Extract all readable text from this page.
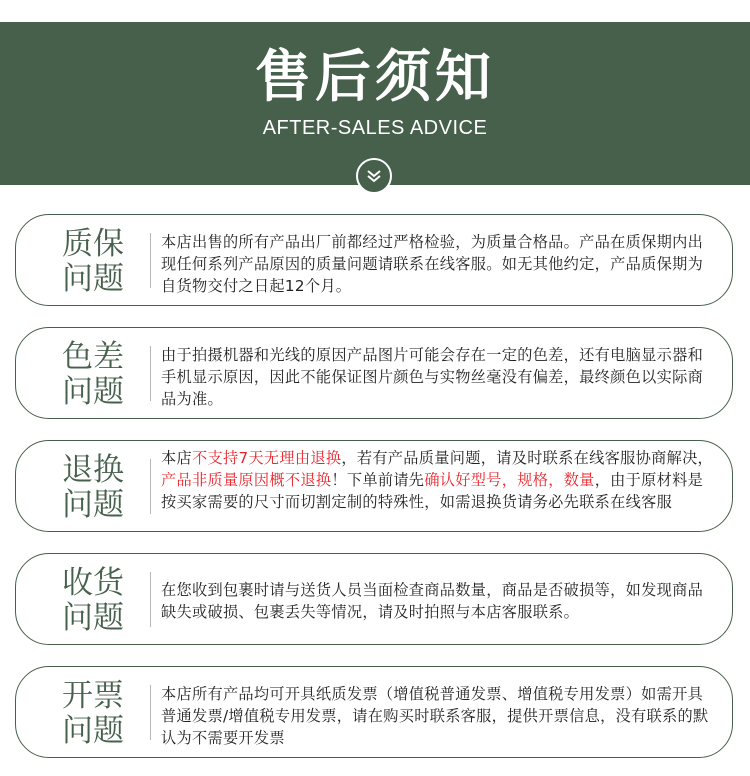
售后须知
AFTER-SALES ADVICE
质保
问题
本店出售的所有产品出厂前都经过严格检验，为质量合格品。产品在质保期内出现任何系列产品原因的质量问题请联系在线客服。如无其他约定，产品质保期为自货物交付之日起12个月。
色差
问题
由于拍摄机器和光线的原因产品图片可能会存在一定的色差，还有电脑显示器和手机显示原因，因此不能保证图片颜色与实物丝毫没有偏差，最终颜色以实际商品为准。
退换
问题
本店不支持7天无理由退换，若有产品质量问题，请及时联系在线客服协商解决，产品非质量原因概不退换！下单前请先确认好型号，规格，数量，由于原材料是按买家需要的尺寸而切割定制的特殊性，如需退换货请务必先联系在线客服
收货
问题
在您收到包裹时请与送货人员当面检查商品数量，商品是否破损等，如发现商品缺失或破损、包裹丢失等情况，请及时拍照与本店客服联系。
开票
问题
本店所有产品均可开具纸质发票（增值税普通发票、增值税专用发票）如需开具普通发票/增值税专用发票，请在购买时联系客服，提供开票信息，没有联系的默认为不需要开发票
